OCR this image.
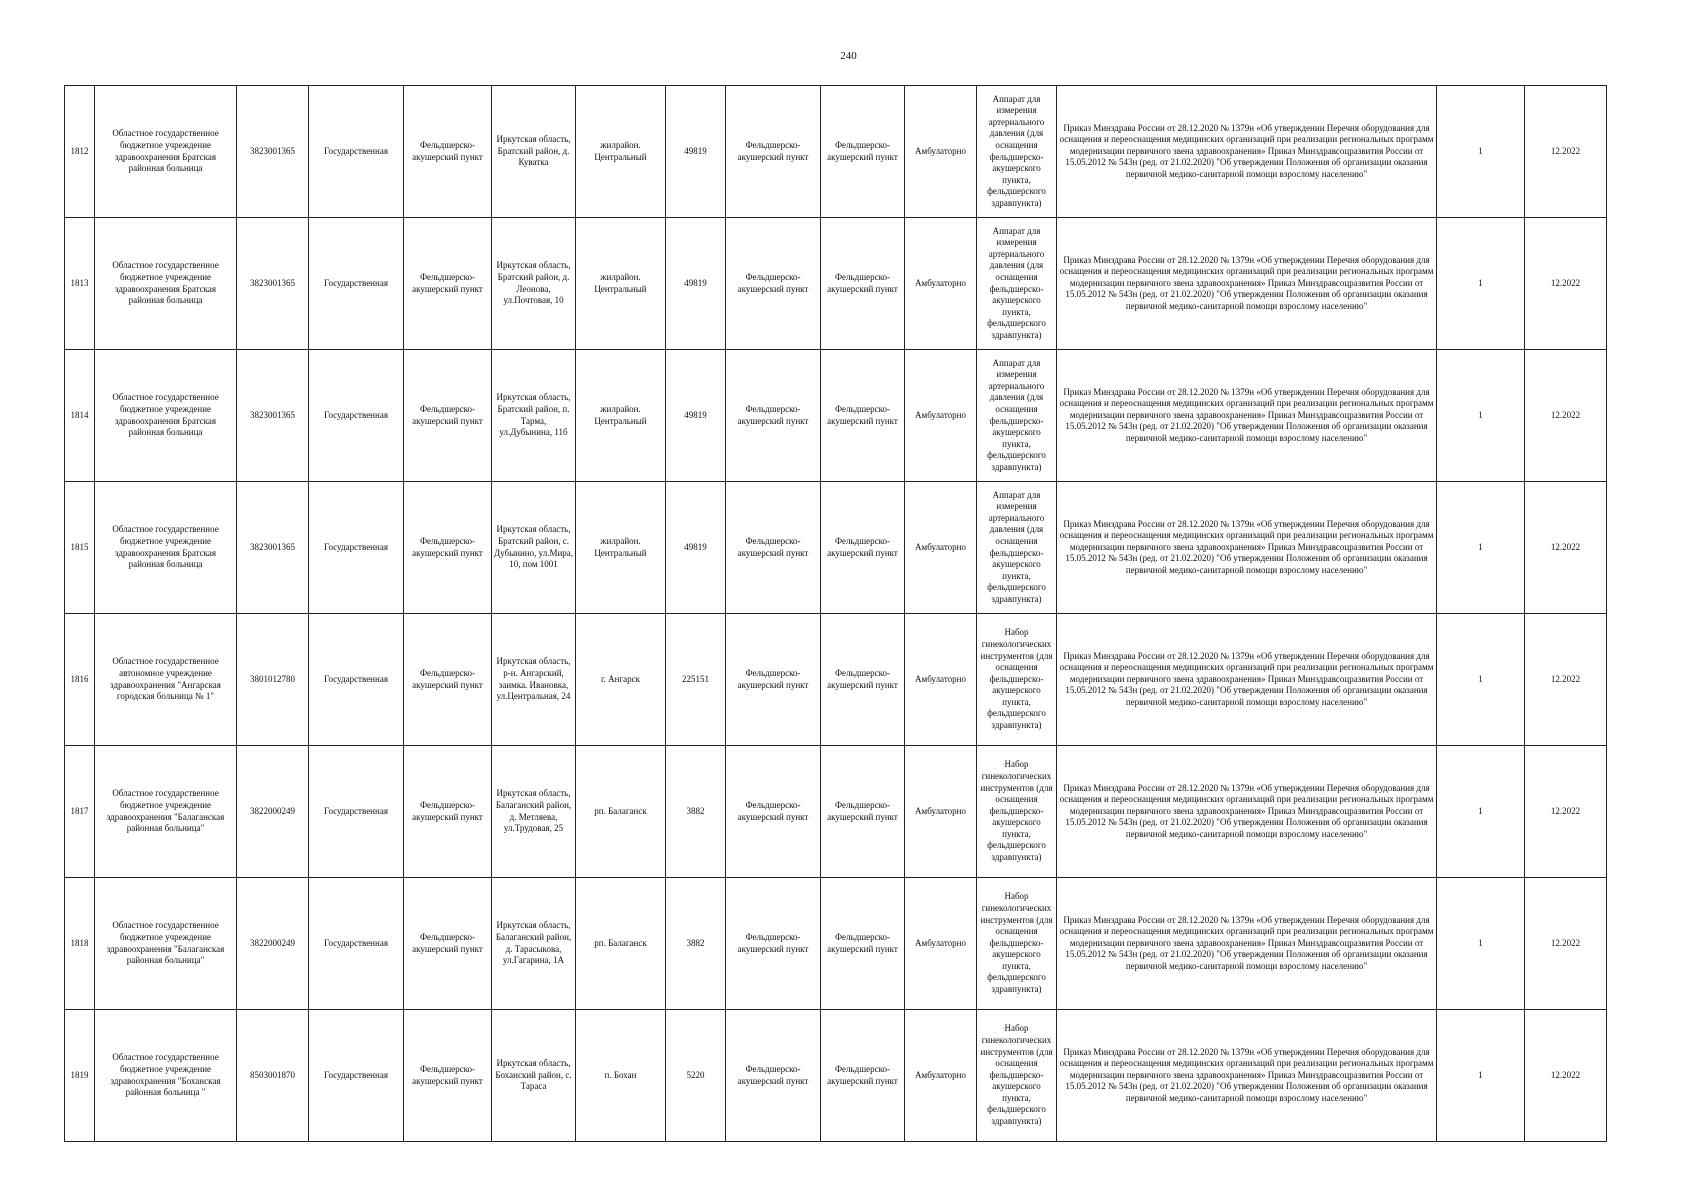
240
1812	Областное государственное бюджетное учреждение здравоохранения Братская районная больница	3823001365	Государственная	Фельдшерско-акушерский пункт	Иркутская область, Братский район, д. Куватка	жилрайон. Центральный	49819	Фельдшерско-акушерский пункт	Фельдшерско-акушерский пункт	Амбулаторно	Аппарат для измерения артериального давления (для оснащения фельдшерско-акушерского пункта, фельдшерского здравпункта)	Приказ Минздрава России от 28.12.2020 № 1379н «Об утверждении Перечня оборудования для оснащения и переоснащения медицинских организаций при реализации региональных программ модернизации первичного звена здравоохранения» Приказ Минздравсоцразвития России от 15.05.2012 № 543н (ред. от 21.02.2020) "Об утверждении Положения об организации оказания первичной медико-санитарной помощи взрослому населению"	1	12.2022
1813	Областное государственное бюджетное учреждение здравоохранения Братская районная больница	3823001365	Государственная	Фельдшерско-акушерский пункт	Иркутская область, Братский район, д. Леонова, ул.Почтовая, 10	жилрайон. Центральный	49819	Фельдшерско-акушерский пункт	Фельдшерско-акушерский пункт	Амбулаторно	Аппарат для измерения артериального давления (для оснащения фельдшерско-акушерского пункта, фельдшерского здравпункта)	Приказ Минздрава России от 28.12.2020 № 1379н «Об утверждении Перечня оборудования для оснащения и переоснащения медицинских организаций при реализации региональных программ модернизации первичного звена здравоохранения» Приказ Минздравсоцразвития России от 15.05.2012 № 543н (ред. от 21.02.2020) "Об утверждении Положения об организации оказания первичной медико-санитарной помощи взрослому населению"	1	12.2022
1814	Областное государственное бюджетное учреждение здравоохранения Братская районная больница	3823001365	Государственная	Фельдшерско-акушерский пункт	Иркутская область, Братский район, п. Тарма, ул.Дубынина, 11б	жилрайон. Центральный	49819	Фельдшерско-акушерский пункт	Фельдшерско-акушерский пункт	Амбулаторно	Аппарат для измерения артериального давления (для оснащения фельдшерско-акушерского пункта, фельдшерского здравпункта)	Приказ Минздрава России от 28.12.2020 № 1379н «Об утверждении Перечня оборудования для оснащения и переоснащения медицинских организаций при реализации региональных программ модернизации первичного звена здравоохранения» Приказ Минздравсоцразвития России от 15.05.2012 № 543н (ред. от 21.02.2020) "Об утверждении Положения об организации оказания первичной медико-санитарной помощи взрослому населению"	1	12.2022
1815	Областное государственное бюджетное учреждение здравоохранения Братская районная больница	3823001365	Государственная	Фельдшерско-акушерский пункт	Иркутская область, Братский район, с. Дубынино, ул.Мира, 10, пом 1001	жилрайон. Центральный	49819	Фельдшерско-акушерский пункт	Фельдшерско-акушерский пункт	Амбулаторно	Аппарат для измерения артериального давления (для оснащения фельдшерско-акушерского пункта, фельдшерского здравпункта)	Приказ Минздрава России от 28.12.2020 № 1379н «Об утверждении Перечня оборудования для оснащения и переоснащения медицинских организаций при реализации региональных программ модернизации первичного звена здравоохранения» Приказ Минздравсоцразвития России от 15.05.2012 № 543н (ред. от 21.02.2020) "Об утверждении Положения об организации оказания первичной медико-санитарной помощи взрослому населению"	1	12.2022
1816	Областное государственное автономное учреждение здравоохранения "Ангарская городская больница № 1"	3801012780	Государственная	Фельдшерско-акушерский пункт	Иркутская область, р-н. Ангарский, заимка. Ивановка, ул.Центральная, 24	г. Ангарск	225151	Фельдшерско-акушерский пункт	Фельдшерско-акушерский пункт	Амбулаторно	Набор гинекологических инструментов (для оснащения фельдшерско-акушерского пункта, фельдшерского здравпункта)	Приказ Минздрава России от 28.12.2020 № 1379н «Об утверждении Перечня оборудования для оснащения и переоснащения медицинских организаций при реализации региональных программ модернизации первичного звена здравоохранения» Приказ Минздравсоцразвития России от 15.05.2012 № 543н (ред. от 21.02.2020) "Об утверждении Положения об организации оказания первичной медико-санитарной помощи взрослому населению"	1	12.2022
1817	Областное государственное бюджетное учреждение здравоохранения "Балаганская районная больница"	3822000249	Государственная	Фельдшерско-акушерский пункт	Иркутская область, Балаганский район, д. Метляева, ул.Трудовая, 25	рп. Балаганск	3882	Фельдшерско-акушерский пункт	Фельдшерско-акушерский пункт	Амбулаторно	Набор гинекологических инструментов (для оснащения фельдшерско-акушерского пункта, фельдшерского здравпункта)	Приказ Минздрава России от 28.12.2020 № 1379н «Об утверждении Перечня оборудования для оснащения и переоснащения медицинских организаций при реализации региональных программ модернизации первичного звена здравоохранения» Приказ Минздравсоцразвития России от 15.05.2012 № 543н (ред. от 21.02.2020) "Об утверждении Положения об организации оказания первичной медико-санитарной помощи взрослому населению"	1	12.2022
1818	Областное государственное бюджетное учреждение здравоохранения "Балаганская районная больница"	3822000249	Государственная	Фельдшерско-акушерский пункт	Иркутская область, Балаганский район, д. Тарасыкова, ул.Гагарина, 1А	рп. Балаганск	3882	Фельдшерско-акушерский пункт	Фельдшерско-акушерский пункт	Амбулаторно	Набор гинекологических инструментов (для оснащения фельдшерско-акушерского пункта, фельдшерского здравпункта)	Приказ Минздрава России от 28.12.2020 № 1379н «Об утверждении Перечня оборудования для оснащения и переоснащения медицинских организаций при реализации региональных программ модернизации первичного звена здравоохранения» Приказ Минздравсоцразвития России от 15.05.2012 № 543н (ред. от 21.02.2020) "Об утверждении Положения об организации оказания первичной медико-санитарной помощи взрослому населению"	1	12.2022
1819	Областное государственное бюджетное учреждение здравоохранения "Боханская районная больница "	8503001870	Государственная	Фельдшерско-акушерский пункт	Иркутская область, Боханский район, с. Тараса	п. Бохан	5220	Фельдшерско-акушерский пункт	Фельдшерско-акушерский пункт	Амбулаторно	Набор гинекологических инструментов (для оснащения фельдшерско-акушерского пункта, фельдшерского здравпункта)	Приказ Минздрава России от 28.12.2020 № 1379н «Об утверждении Перечня оборудования для оснащения и переоснащения медицинских организаций при реализации региональных программ модернизации первичного звена здравоохранения» Приказ Минздравсоцразвития России от 15.05.2012 № 543н (ред. от 21.02.2020) "Об утверждении Положения об организации оказания первичной медико-санитарной помощи взрослому населению"	1	12.2022
